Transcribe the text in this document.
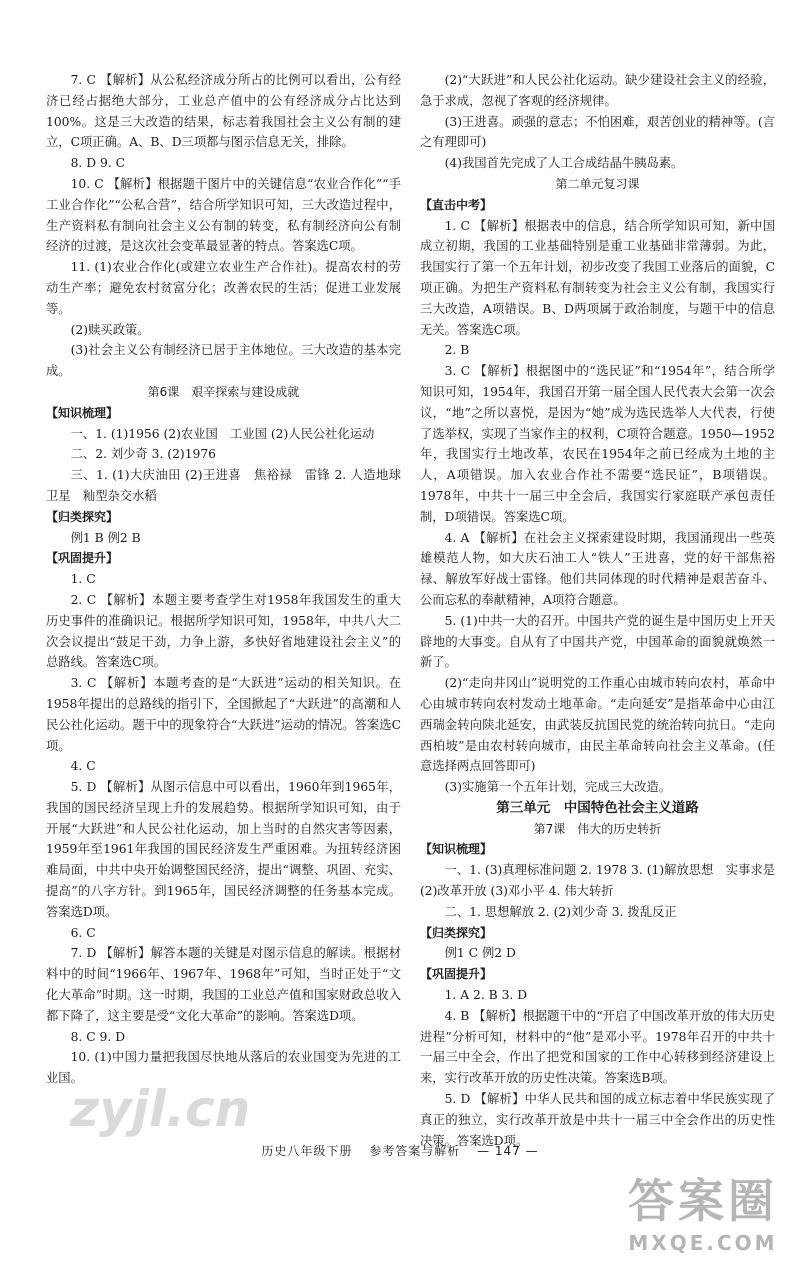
7. C 【解析】从公私经济成分所占的比例可以看出，公有经济已经占据绝大部分，工业总产值中的公有经济成分占比达到100%。这是三大改造的结果，标志着我国社会主义公有制的建立，C项正确。A、B、D三项都与图示信息无关，排除。

8. D 9. C

10. C 【解析】根据题干图片中的关键信息“农业合作化”“手工业合作化”“公私合营”，结合所学知识可知，三大改造过程中，生产资料私有制向社会主义公有制的转变，私有制经济向公有制经济的过渡，是这次社会变革最显著的特点。答案选C项。

11. (1)农业合作化(或建立农业生产合作社)。提高农村的劳动生产率；避免农村贫富分化；改善农民的生活；促进工业发展等。

(2)赎买政策。

(3)社会主义公有制经济已居于主体地位。三大改造的基本完成。

第6课　艰辛探索与建设成就

【知识梳理】

一、1. (1)1956 (2)农业国　工业国 (2)人民公社化运动

二、2. 刘少奇 3. (2)1976

三、1. (1)大庆油田 (2)王进喜　焦裕禄　雷锋 2. 人造地球卫星　籼型杂交水稻

【归类探究】

例1 B 例2 B

【巩固提升】

1. C

2. C 【解析】本题主要考查学生对1958年我国发生的重大历史事件的准确识记。根据所学知识可知，1958年，中共八大二次会议提出“鼓足干劲，力争上游，多快好省地建设社会主义”的总路线。答案选C项。

3. C 【解析】本题考查的是“大跃进”运动的相关知识。在1958年提出的总路线的指引下，全国掀起了“大跃进”的高潮和人民公社化运动。题干中的现象符合“大跃进”运动的情况。答案选C项。

4. C

5. D 【解析】从图示信息中可以看出，1960年到1965年，我国的国民经济呈现上升的发展趋势。根据所学知识可知，由于开展“大跃进”和人民公社化运动，加上当时的自然灾害等因素，1959年至1961年我国的国民经济发生严重困难。为扭转经济困难局面，中共中央开始调整国民经济，提出“调整、巩固、充实、提高”的八字方针。到1965年，国民经济调整的任务基本完成。答案选D项。

6. C

7. D 【解析】解答本题的关键是对图示信息的解读。根据材料中的时间“1966年、1967年、1968年”可知，当时正处于“文化大革命”时期。这一时期，我国的工业总产值和国家财政总收入都下降了，这主要是受“文化大革命”的影响。答案选D项。

8. C 9. D

10. (1)中国力量把我国尽快地从落后的农业国变为先进的工业国。

(2)“大跃进”和人民公社化运动。缺少建设社会主义的经验，急于求成，忽视了客观的经济规律。

(3)王进喜。顽强的意志；不怕困难，艰苦创业的精神等。(言之有理即可)

(4)我国首先完成了人工合成结晶牛胰岛素。

第二单元复习课

【直击中考】

1. C 【解析】根据表中的信息，结合所学知识可知，新中国成立初期，我国的工业基础特别是重工业基础非常薄弱。为此，我国实行了第一个五年计划，初步改变了我国工业落后的面貌，C项正确。为把生产资料私有制转变为社会主义公有制，我国实行三大改造，A项错误。B、D两项属于政治制度，与题干中的信息无关。答案选C项。

2. B

3. C 【解析】根据图中的“选民证”和“1954年”，结合所学知识可知，1954年，我国召开第一届全国人民代表大会第一次会议，“地”之所以喜悦，是因为“她”成为选民选举人大代表，行使了选举权，实现了当家作主的权利，C项符合题意。1950—1952年，我国实行土地改革，农民在1954年之前已经成为土地的主人，A项错误。加入农业合作社不需要“选民证”，B项错误。1978年，中共十一届三中全会后，我国实行家庭联产承包责任制，D项错误。答案选C项。

4. A 【解析】在社会主义探索建设时期，我国涌现出一些英雄模范人物，如大庆石油工人“铁人”王进喜，党的好干部焦裕禄、解放军好战士雷锋。他们共同体现的时代精神是艰苦奋斗、公而忘私的奉献精神，A项符合题意。

5. (1)中共一大的召开。中国共产党的诞生是中国历史上开天辟地的大事变。自从有了中国共产党，中国革命的面貌就焕然一新了。

(2)“走向井冈山”说明党的工作重心由城市转向农村，革命中心由城市转向农村发动土地革命。“走向延安”是指革命中心由江西瑞金转向陕北延安，由武装反抗国民党的统治转向抗日。“走向西柏坡”是由农村转向城市，由民主革命转向社会主义革命。(任意选择两点回答即可)

(3)实施第一个五年计划，完成三大改造。

第三单元　中国特色社会主义道路

第7课　伟大的历史转折

【知识梳理】

一、1. (3)真理标准问题 2. 1978 3. (1)解放思想　实事求是 (2)改革开放 (3)邓小平 4. 伟大转折

二、1. 思想解放 2. (2)刘少奇 3. 拨乱反正

【归类探究】

例1 C 例2 D

【巩固提升】

1. A 2. B 3. D

4. B 【解析】根据题干中的“开启了中国改革开放的伟大历史进程”分析可知，材料中的“他”是邓小平。1978年召开的中共十一届三中全会，作出了把党和国家的工作中心转移到经济建设上来，实行改革开放的历史性决策。答案选B项。

5. D 【解析】中华人民共和国的成立标志着中华民族实现了真正的独立，实行改革开放是中共十一届三中全会作出的历史性决策。答案选D项。

历史八年级下册 参考答案与解析 — 147 —
zyjl.cn
答案圈
MXQE.COM
